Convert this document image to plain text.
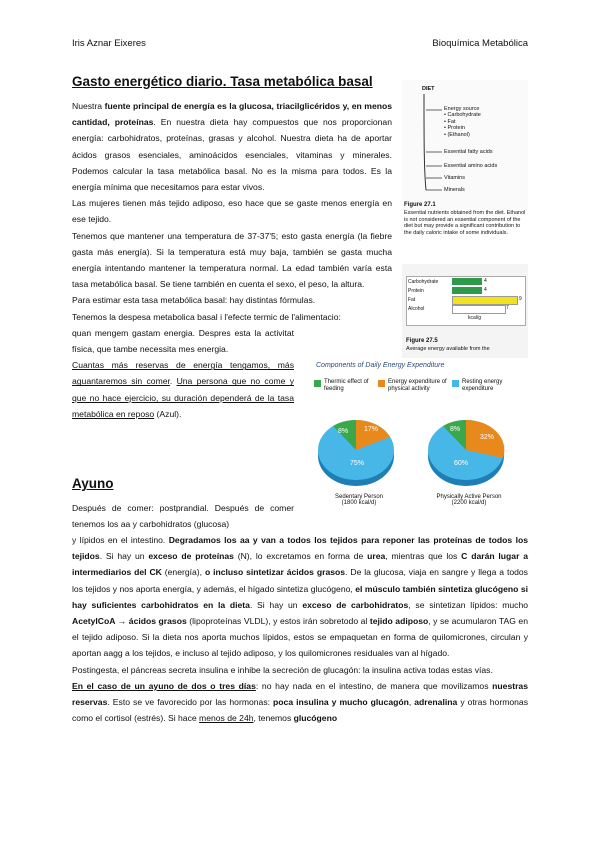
Iris Aznar Eixeres	Bioquímica Metabólica
Gasto energético diario. Tasa metabólica basal

Nuestra fuente principal de energía es la glucosa, triacilglicéridos y, en menos cantidad, proteínas. En nuestra dieta hay compuestos que nos proporcionan energía: carbohidratos, proteínas, grasas y alcohol. Nuestra dieta ha de aportar ácidos grasos esenciales, aminoácidos esenciales, vitaminas y minerales. Podemos calcular la tasa metabólica basal. No es la misma para todos. Es la energía mínima que necesitamos para estar vivos.

Las mujeres tienen más tejido adiposo, eso hace que se gaste menos energía en ese tejido.

Tenemos que mantener una temperatura de 37-37'5; esto gasta energía (la fiebre gasta más energía). Si la temperatura está muy baja, también se gasta mucha energía intentando mantener la temperatura normal. La edad también varía esta tasa metabólica basal. Se tiene también en cuenta el sexo, el peso, la altura.

Para estimar esta tasa metabólica basal: hay distintas fórmulas.

Tenemos la despesa metabolica basal i l'efecte termic de l'alimentacio:

quan mengem gastam energia. Despres esta la activitat física, que tambe necessita mes energia.

Cuantas más reservas de energía tengamos, más aguantaremos sin comer. Una persona que no come y que no hace ejercicio, su duración dependerá de la tasa metabólica en reposo (Azul).

Ayuno

Después de comer: postprandial. Después de comer tenemos los aa y carbohidratos (glucosa)

y lípidos en el intestino. Degradamos los aa y van a todos los tejidos para reponer las proteínas de todos los tejidos. Si hay un exceso de proteínas (N), lo excretamos en forma de urea, mientras que los C darán lugar a intermediarios del CK (energía), o incluso sintetizar ácidos grasos. De la glucosa, viaja en sangre y llega a todos los tejidos y nos aporta energía, y además, el hígado sintetiza glucógeno, el músculo también sintetiza glucógeno si hay suficientes carbohidratos en la dieta. Si hay un exceso de carbohidratos, se sintetizan lípidos: mucho AcetylCoA → ácidos grasos (lipoproteínas VLDL), y estos irán sobretodo al tejido adiposo, y se acumularon TAG en el tejido adiposo. Si la dieta nos aporta muchos lípidos, estos se empaquetan en forma de quilomicrones, circulan y aportan aagg a los tejidos, e incluso al tejido adiposo, y los quilomicrones residuales van al hígado.

Postingesta, el páncreas secreta insulina e inhibe la secreción de glucagón: la insulina activa todas estas vías.

En el caso de un ayuno de dos o tres días: no hay nada en el intestino, de manera que movilizamos nuestras reservas. Esto se ve favorecido por las hormonas: poca insulina y mucho glucagón, adrenalina y otras hormonas como el cortisol (estrés). Si hace menos de 24h, tenemos glucógeno

DIET
Energy source
• Carbohydrate
• Fat
• Protein
• (Ethanol)
Essential fatty acids
Essential amino acids
Vitamins
Minerals
Figure 27.1
Essential nutrients obtained from the diet. Ethanol is not considered an essential component of the diet but may provide a significant contribution to the daily caloric intake of some individuals.
Carbohydrate
Protein
Fat
Alcohol
4
4
9
7
kcal/g
Figure 27.5
Average energy available from the
Components of Daily Energy Expenditure
Thermic effect of feeding
Energy expenditure of physical activity
Resting energy expenditure
8% 17%
75%
8%
32%
60%
Sedentary Person
(1800 kcal/d)
Physically Active Person
(2200 kcal/d)
